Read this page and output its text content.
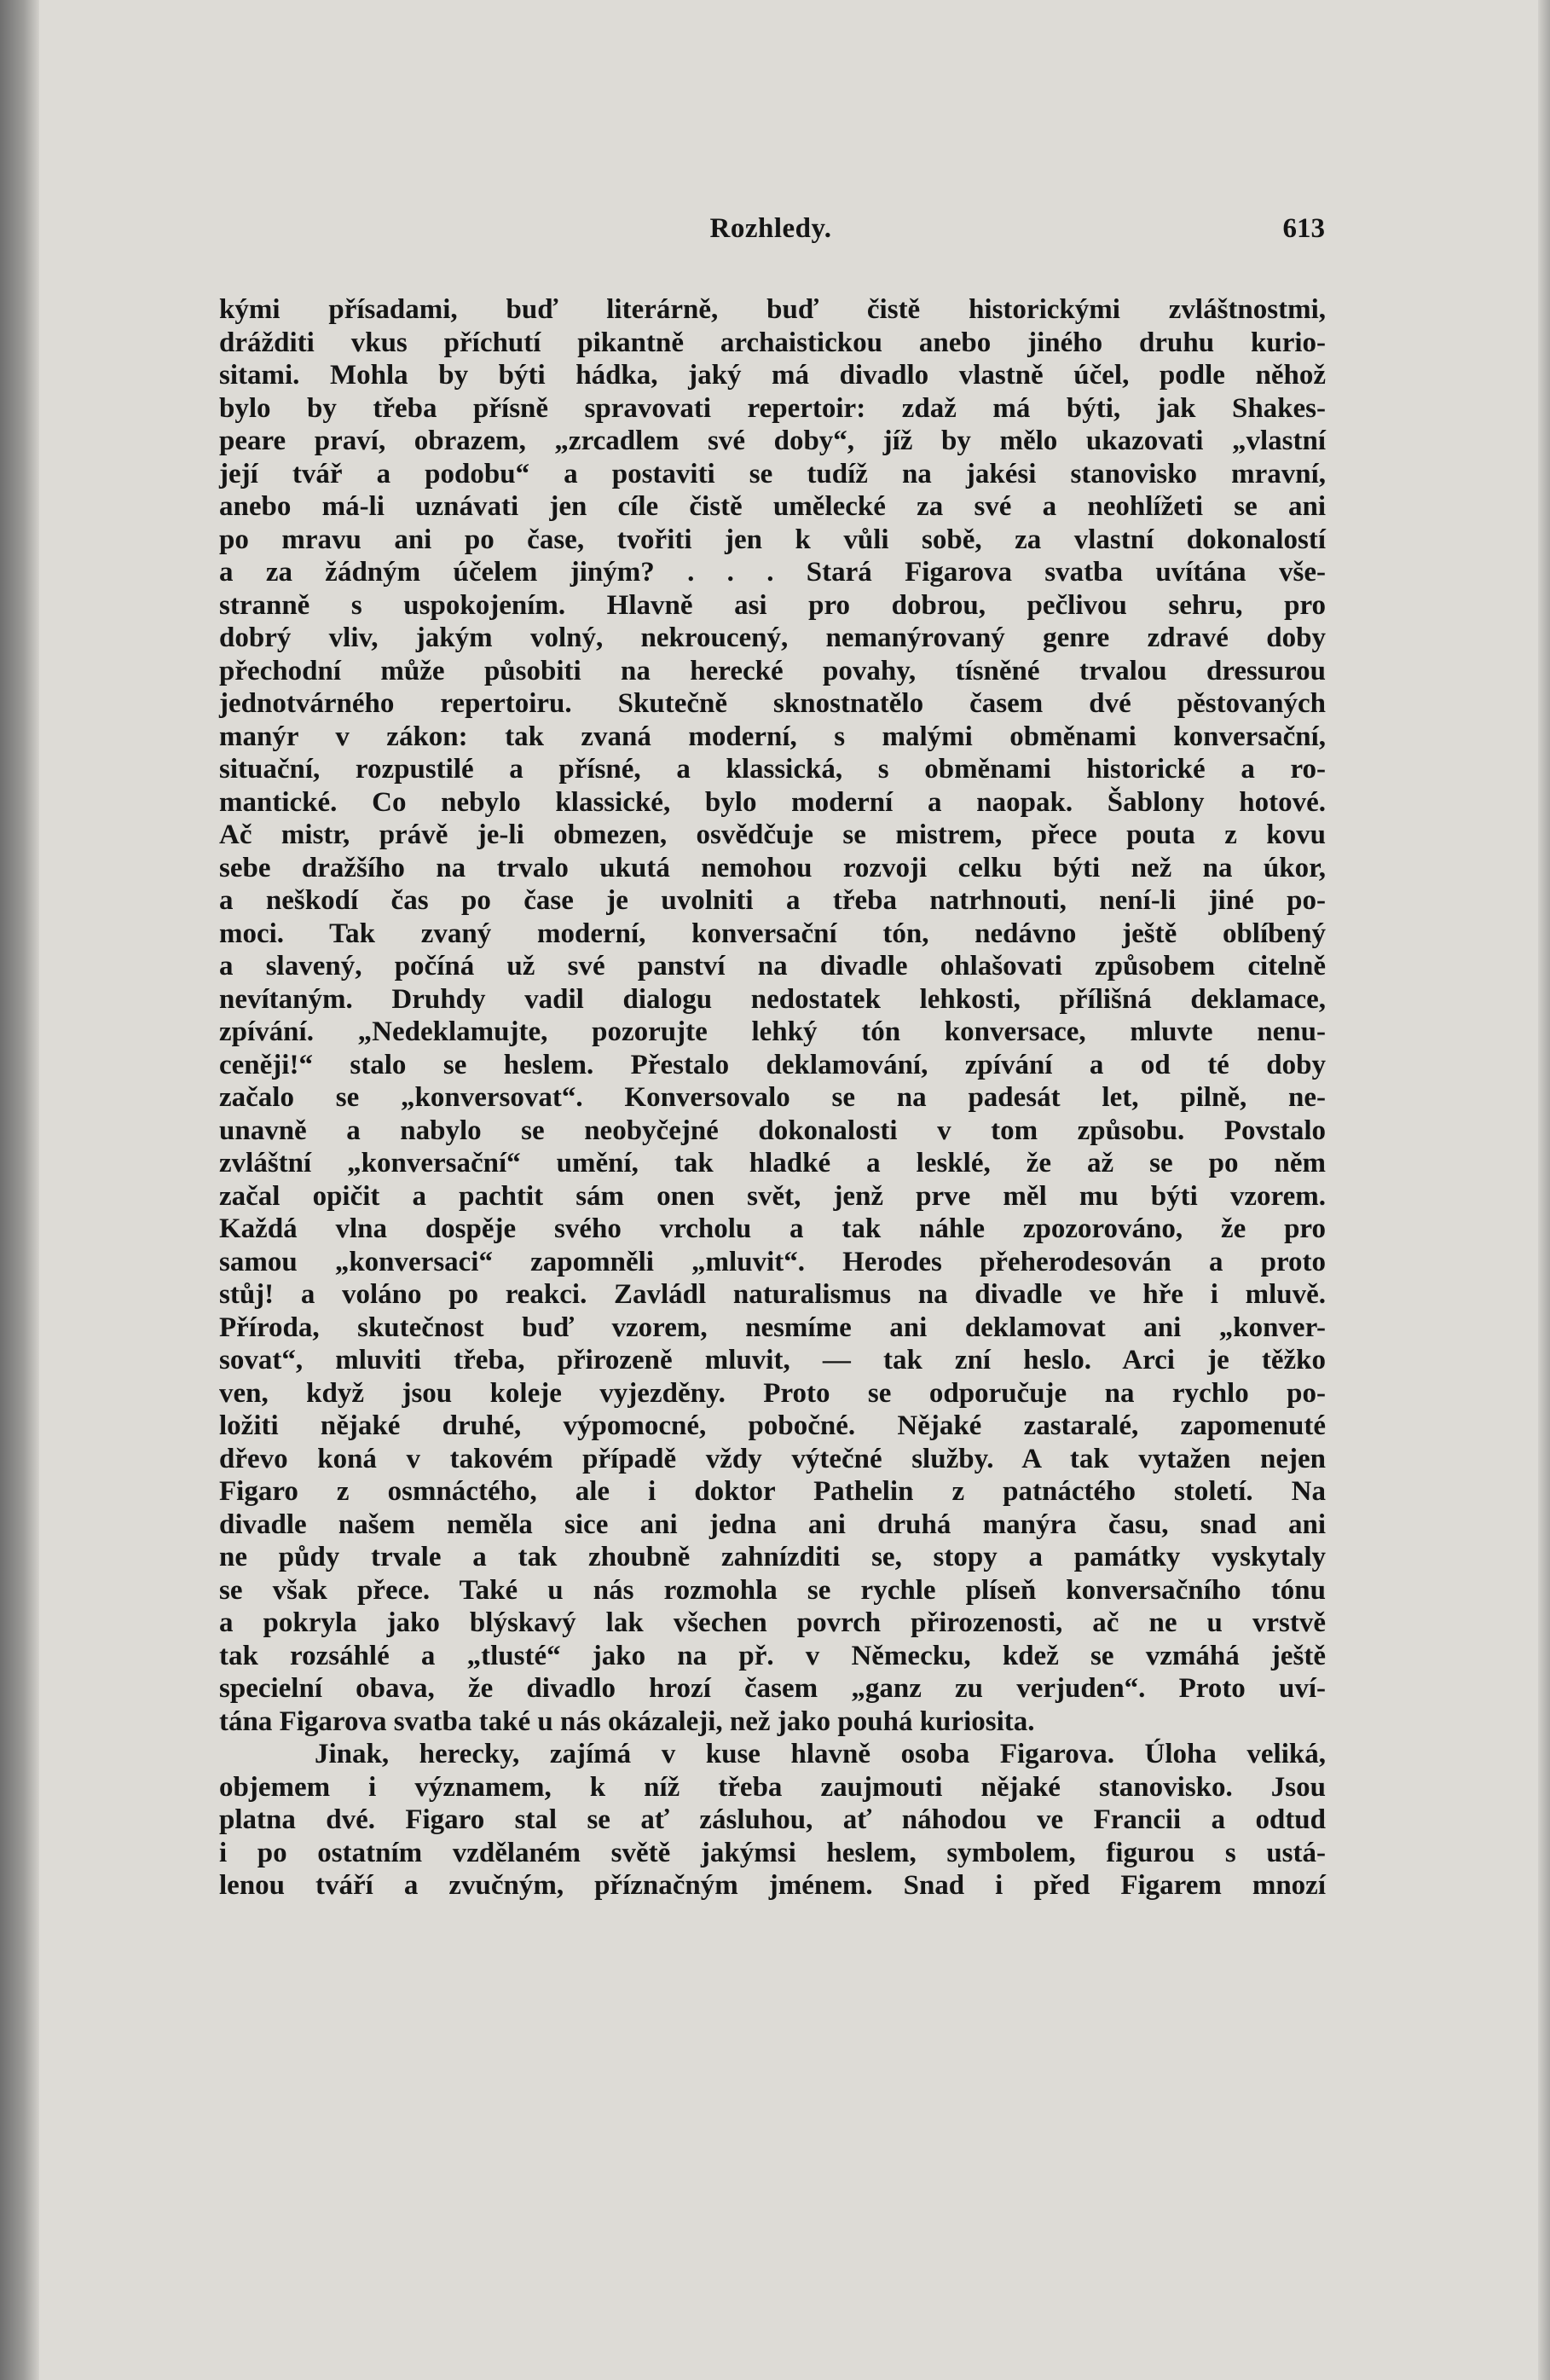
Rozhledy.	613
kými přísadami, buď literárně, buď čistě historickými zvláštnostmi,
drážditi vkus příchutí pikantně archaistickou anebo jiného druhu kurio-
sitami. Mohla by býti hádka, jaký má divadlo vlastně účel, podle něhož
bylo by třeba přísně spravovati repertoir: zdaž má býti, jak Shakes-
peare praví, obrazem, „zrcadlem své doby“, jíž by mělo ukazovati „vlastní
její tvář a podobu“ a postaviti se tudíž na jakési stanovisko mravní,
anebo má-li uznávati jen cíle čistě umělecké za své a neohlížeti se ani
po mravu ani po čase, tvořiti jen k vůli sobě, za vlastní dokonalostí
a za žádným účelem jiným? . . . Stará Figarova svatba uvítána vše-
stranně s uspokojením. Hlavně asi pro dobrou, pečlivou sehru, pro
dobrý vliv, jakým volný, nekroucený, nemanýrovaný genre zdravé doby
přechodní může působiti na herecké povahy, tísněné trvalou dressurou
jednotvárného repertoiru. Skutečně sknostnatělo časem dvé pěstovaných
manýr v zákon: tak zvaná moderní, s malými obměnami konversační,
situační, rozpustilé a přísné, a klassická, s obměnami historické a ro-
mantické. Co nebylo klassické, bylo moderní a naopak. Šablony hotové.
Ač mistr, právě je-li obmezen, osvědčuje se mistrem, přece pouta z kovu
sebe dražšího na trvalo ukutá nemohou rozvoji celku býti než na úkor,
a neškodí čas po čase je uvolniti a třeba natrhnouti, není-li jiné po-
moci. Tak zvaný moderní, konversační tón, nedávno ještě oblíbený
a slavený, počíná už své panství na divadle ohlašovati způsobem citelně
nevítaným. Druhdy vadil dialogu nedostatek lehkosti, přílišná deklamace,
zpívání. „Nedeklamujte, pozorujte lehký tón konversace, mluvte nenu-
ceněji!“ stalo se heslem. Přestalo deklamování, zpívání a od té doby
začalo se „konversovat“. Konversovalo se na padesát let, pilně, ne-
unavně a nabylo se neobyčejné dokonalosti v tom způsobu. Povstalo
zvláštní „konversační“ umění, tak hladké a lesklé, že až se po něm
začal opičit a pachtit sám onen svět, jenž prve měl mu býti vzorem.
Každá vlna dospěje svého vrcholu a tak náhle zpozorováno, že pro
samou „konversaci“ zapomněli „mluvit“. Herodes přeherodesován a proto
stůj! a voláno po reakci. Zavládl naturalismus na divadle ve hře i mluvě.
Příroda, skutečnost buď vzorem, nesmíme ani deklamovat ani „konver-
sovat“, mluviti třeba, přirozeně mluvit, — tak zní heslo. Arci je těžko
ven, když jsou koleje vyjezděny. Proto se odporučuje na rychlo po-
ložiti nějaké druhé, výpomocné, pobočné. Nějaké zastaralé, zapomenuté
dřevo koná v takovém případě vždy výtečné služby. A tak vytažen nejen
Figaro z osmnáctého, ale i doktor Pathelin z patnáctého století. Na
divadle našem neměla sice ani jedna ani druhá manýra času, snad ani
ne půdy trvale a tak zhoubně zahnízditi se, stopy a památky vyskytaly
se však přece. Také u nás rozmohla se rychle plíseň konversačního tónu
a pokryla jako blýskavý lak všechen povrch přirozenosti, ač ne u vrstvě
tak rozsáhlé a „tlusté“ jako na př. v Německu, kdež se vzmáhá ještě
specielní obava, že divadlo hrozí časem „ganz zu verjuden“. Proto uví-
tána Figarova svatba také u nás okázaleji, než jako pouhá kuriosita.
Jinak, herecky, zajímá v kuse hlavně osoba Figarova. Úloha veliká,
objemem i významem, k níž třeba zaujmouti nějaké stanovisko. Jsou
platna dvé. Figaro stal se ať zásluhou, ať náhodou ve Francii a odtud
i po ostatním vzdělaném světě jakýmsi heslem, symbolem, figurou s ustá-
lenou tváří a zvučným, příznačným jménem. Snad i před Figarem mnozí
